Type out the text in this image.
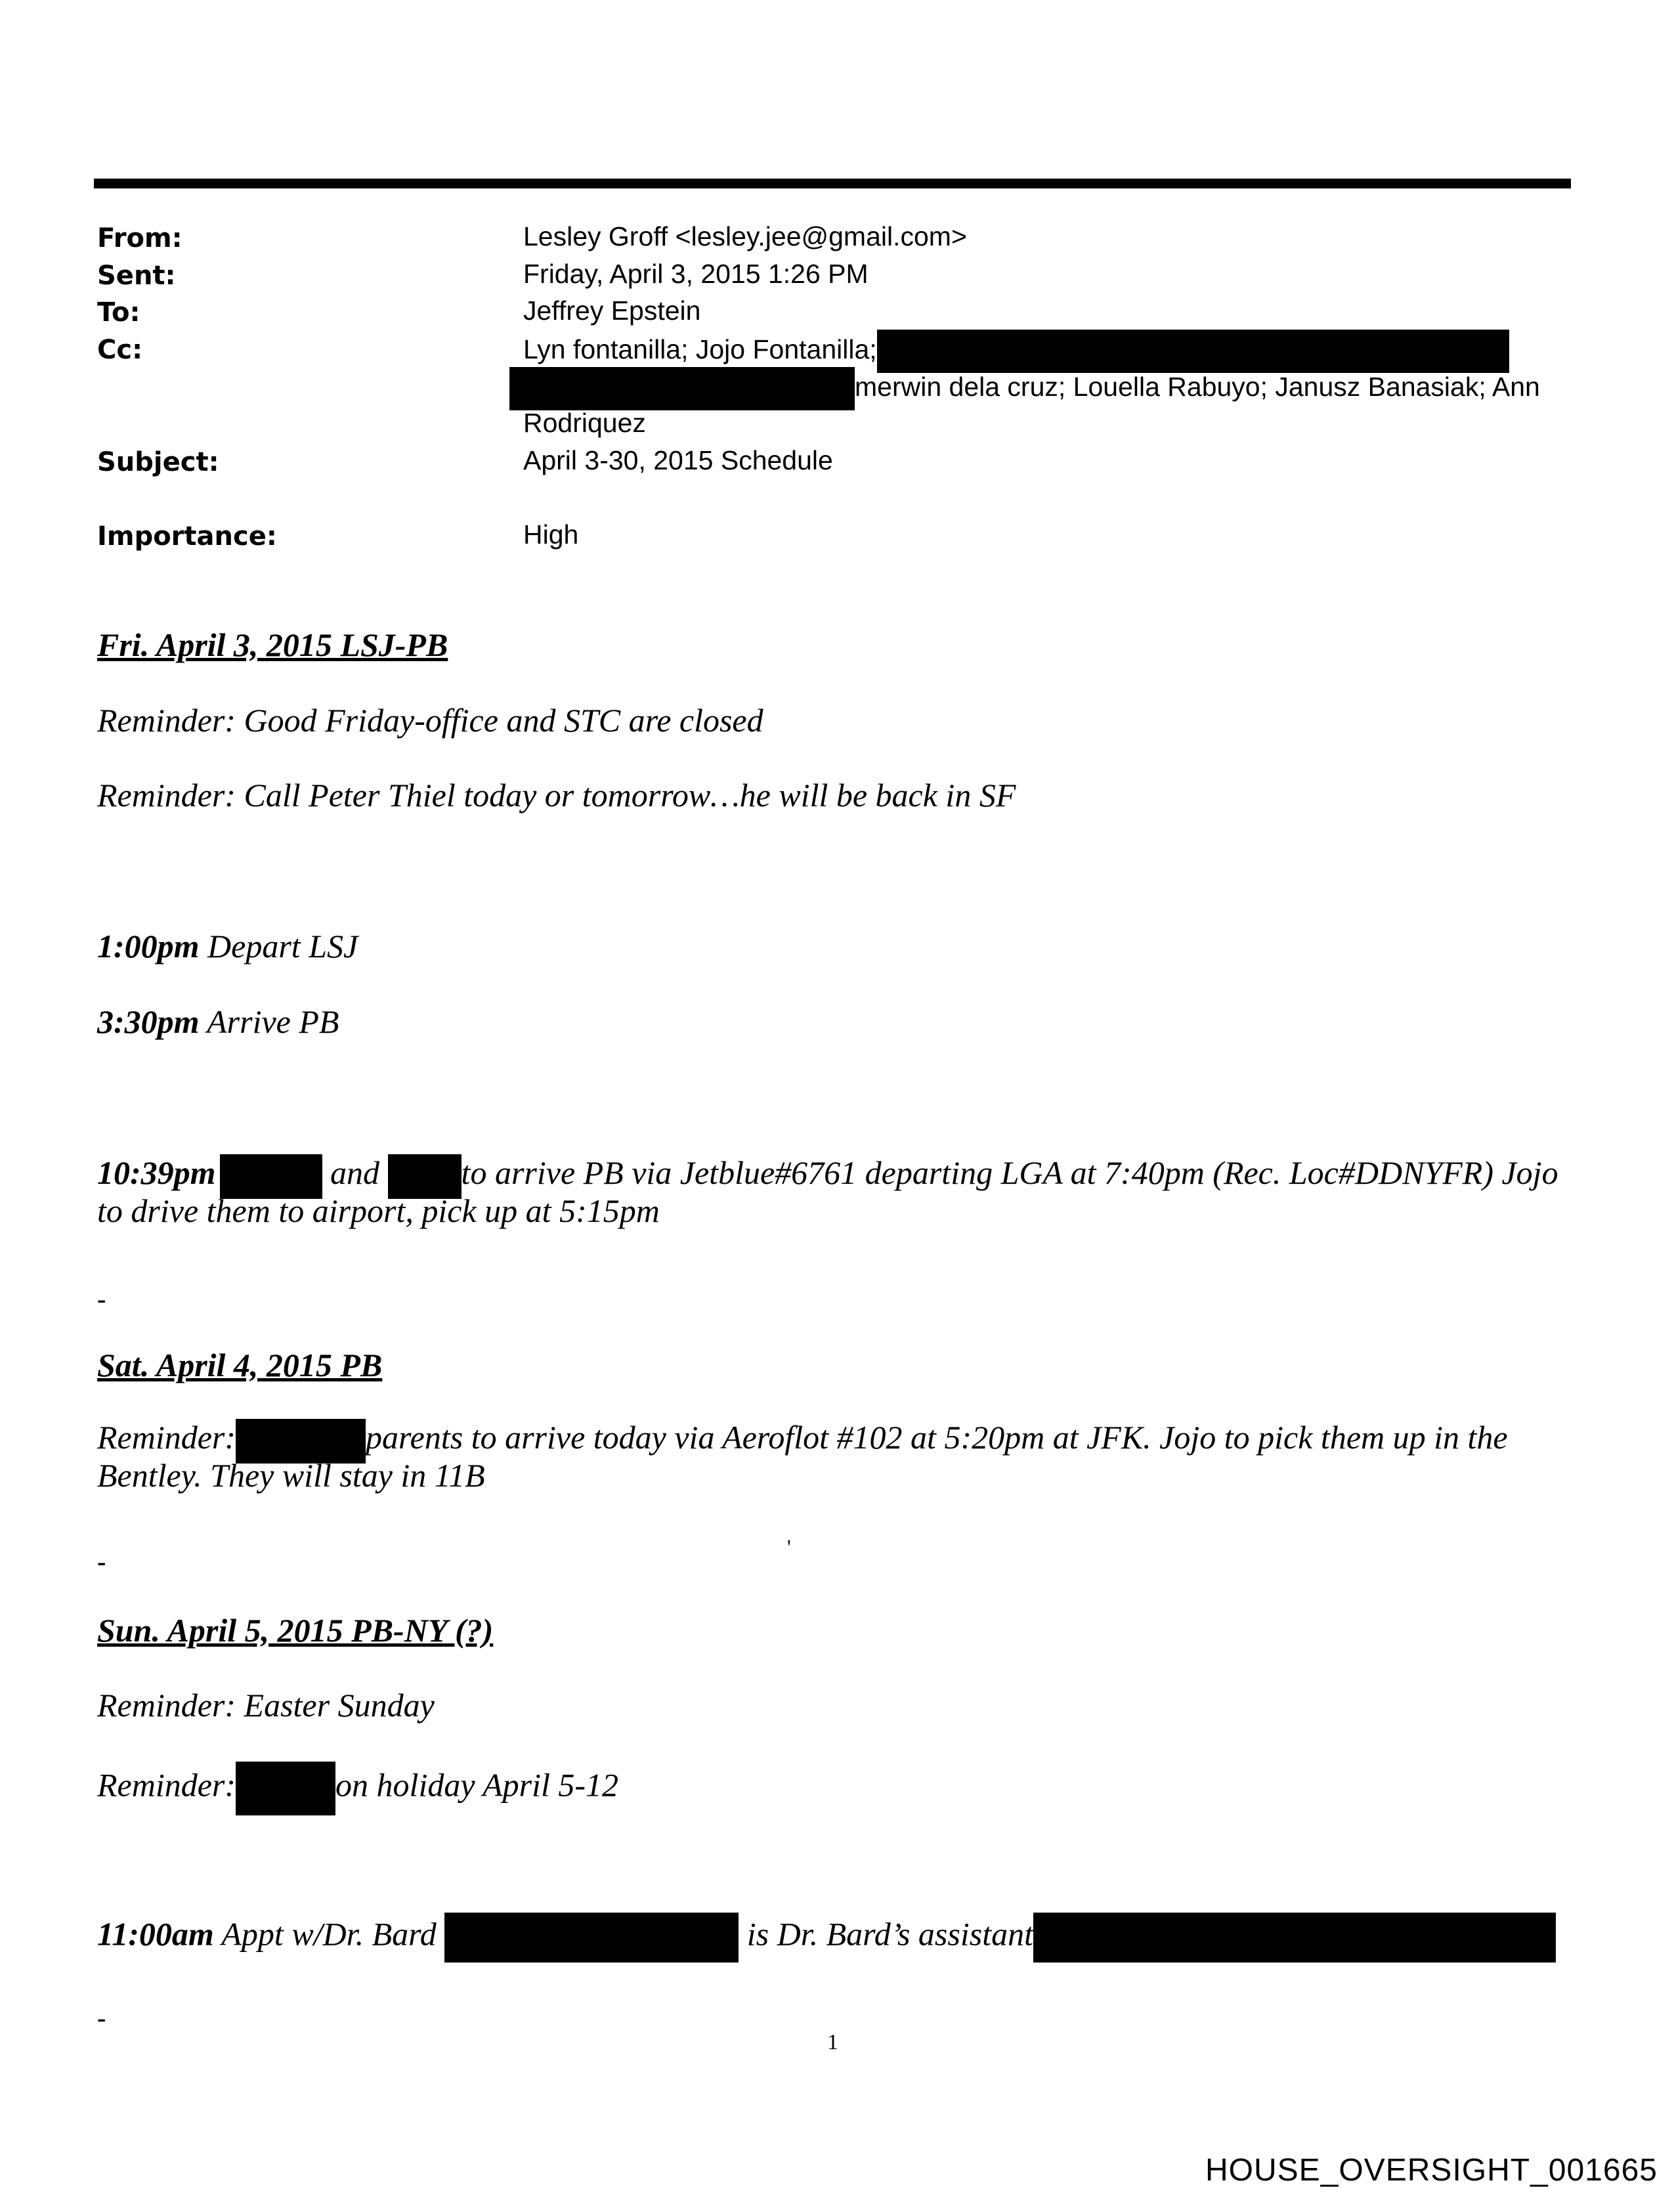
From:	Lesley Groff <lesley.jee@gmail.com>
Sent:	Friday, April 3, 2015 1:26 PM
To:	Jeffrey Epstein
Cc:	Lyn fontanilla; Jojo Fontanilla;
merwin dela cruz; Louella Rabuyo; Janusz Banasiak; Ann
Rodriquez
Subject:	April 3-30, 2015 Schedule
Importance:	High
Fri. April 3, 2015 LSJ-PB
Reminder: Good Friday-office and STC are closed
Reminder: Call Peter Thiel today or tomorrow…he will be back in SF
1:00pm Depart LSJ
3:30pm Arrive PB
10:39pm	and to arrive PB via Jetblue#6761 departing LGA at 7:40pm (Rec. Loc#DDNYFR) Jojo
to drive them to airport, pick up at 5:15pm
-
Sat. April 4, 2015 PB
Reminder:	parents to arrive today via Aeroflot #102 at 5:20pm at JFK. Jojo to pick them up in the
Bentley. They will stay in 11B
'
-
Sun. April 5, 2015 PB-NY (?)
Reminder: Easter Sunday
Reminder:	on holiday April 5-12
11:00am Appt w/Dr. Bard	is Dr. Bard’s assistant
-
1
HOUSE_OVERSIGHT_001665
